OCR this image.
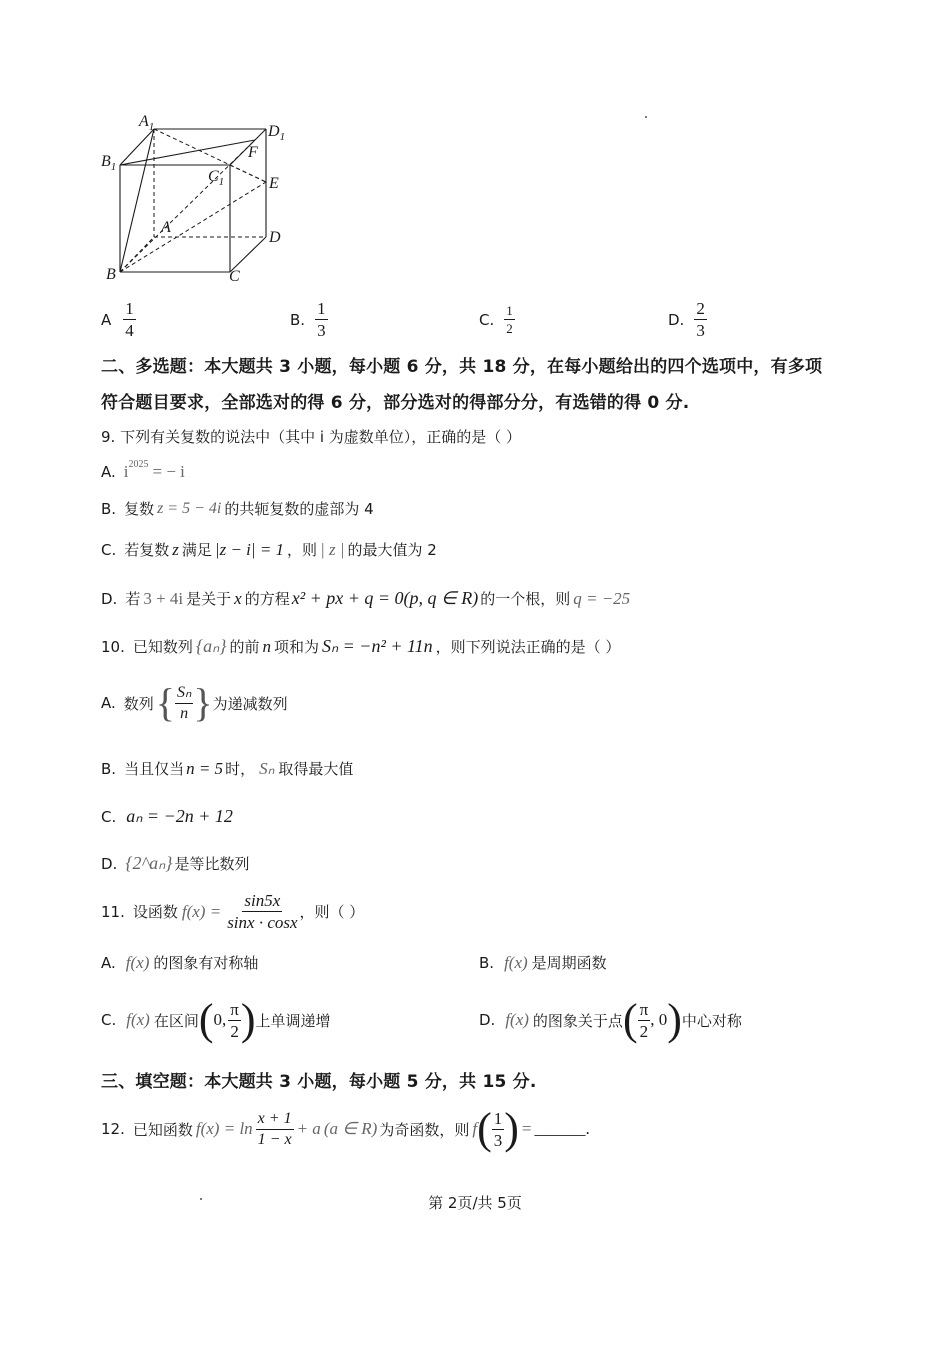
$A_1$	$D_1$
$B_1$
$C_1$
F
E
A
D
B	C
A $\frac{1}{4}$	B. $\frac{1}{3}$	C. $\frac{1}{2}$	D. $\frac{2}{3}$
二、多选题：本大题共 3 小题，每小题 6 分，共 18 分，在每小题给出的四个选项中，有多项
符合题目要求，全部选对的得 6 分，部分选对的得部分分，有选错的得 0 分.
9. 下列有关复数的说法中（其中 i 为虚数单位），正确的是（ ）
A. $i^{2025}$ = − i
B. 复数 z = 5 − 4i 的共轭复数的虚部为 4
C. 若复数 z 满足 |z − i| = 1 ，则 | z | 的最大值为 2
D. 若 3 + 4i 是关于 x 的方程 x² + px + q = 0(p, q ∈ R) 的一个根，则 q = −25
10. 已知数列 {aₙ} 的前 n 项和为 Sₙ = −n² + 11n ，则下列说法正确的是（ ）
A. 数列 { $\frac{\text{Sₙ}}{n}$ } 为递减数列
B. 当且仅当 n = 5 时， Sₙ 取得最大值
C. aₙ = −2n + 12
D. {2^aₙ} 是等比数列
11. 设函数 $f(x) = \frac{\sin 5x}{\sin x \cdot \cos x}$ ，则（ ）
A. f(x) 的图象有对称轴	B. f(x) 是周期函数
C. f(x) 在区间 ( 0, $\frac{\pi}{2}$ ) 上单调递增	D. f(x) 的图象关于点 ( $\frac{\pi}{2}$ , 0 ) 中心对称
三、填空题：本大题共 3 小题，每小题 5 分，共 15 分.
12. 已知函数 $f(x) = \ln \frac{x + 1}{1 - x} + a$ (a ∈ R) 为奇函数，则 f ( $\frac{1}{3}$ ) = ______.
第 2页/共 5页
